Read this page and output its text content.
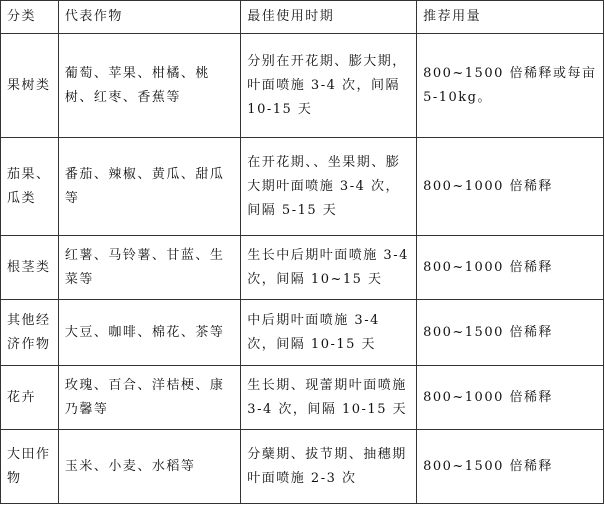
分类	代表作物	最佳使用时期	推荐用量
果树类	葡萄、苹果、柑橘、桃树、红枣、香蕉等	分别在开花期、膨大期，叶面喷施 3-4 次，间隔 10-15 天	800~1500 倍稀释或每亩 5-10kg。
茄果、瓜类	番茄、辣椒、黄瓜、甜瓜等	在开花期、、坐果期、膨大期叶面喷施 3-4 次，间隔 5-15 天	800~1000 倍稀释
根茎类	红薯、马铃薯、甘蓝、生菜等	生长中后期叶面喷施 3-4 次，间隔 10~15 天	800~1000 倍稀释
其他经济作物	大豆、咖啡、棉花、茶等	中后期叶面喷施 3-4 次，间隔 10-15 天	800~1500 倍稀释
花卉	玫瑰、百合、洋桔梗、康乃馨等	生长期、现蕾期叶面喷施 3-4 次，间隔 10-15 天	800~1000 倍稀释
大田作物	玉米、小麦、水稻等	分蘖期、拔节期、抽穗期叶面喷施 2-3 次	800~1500 倍稀释
